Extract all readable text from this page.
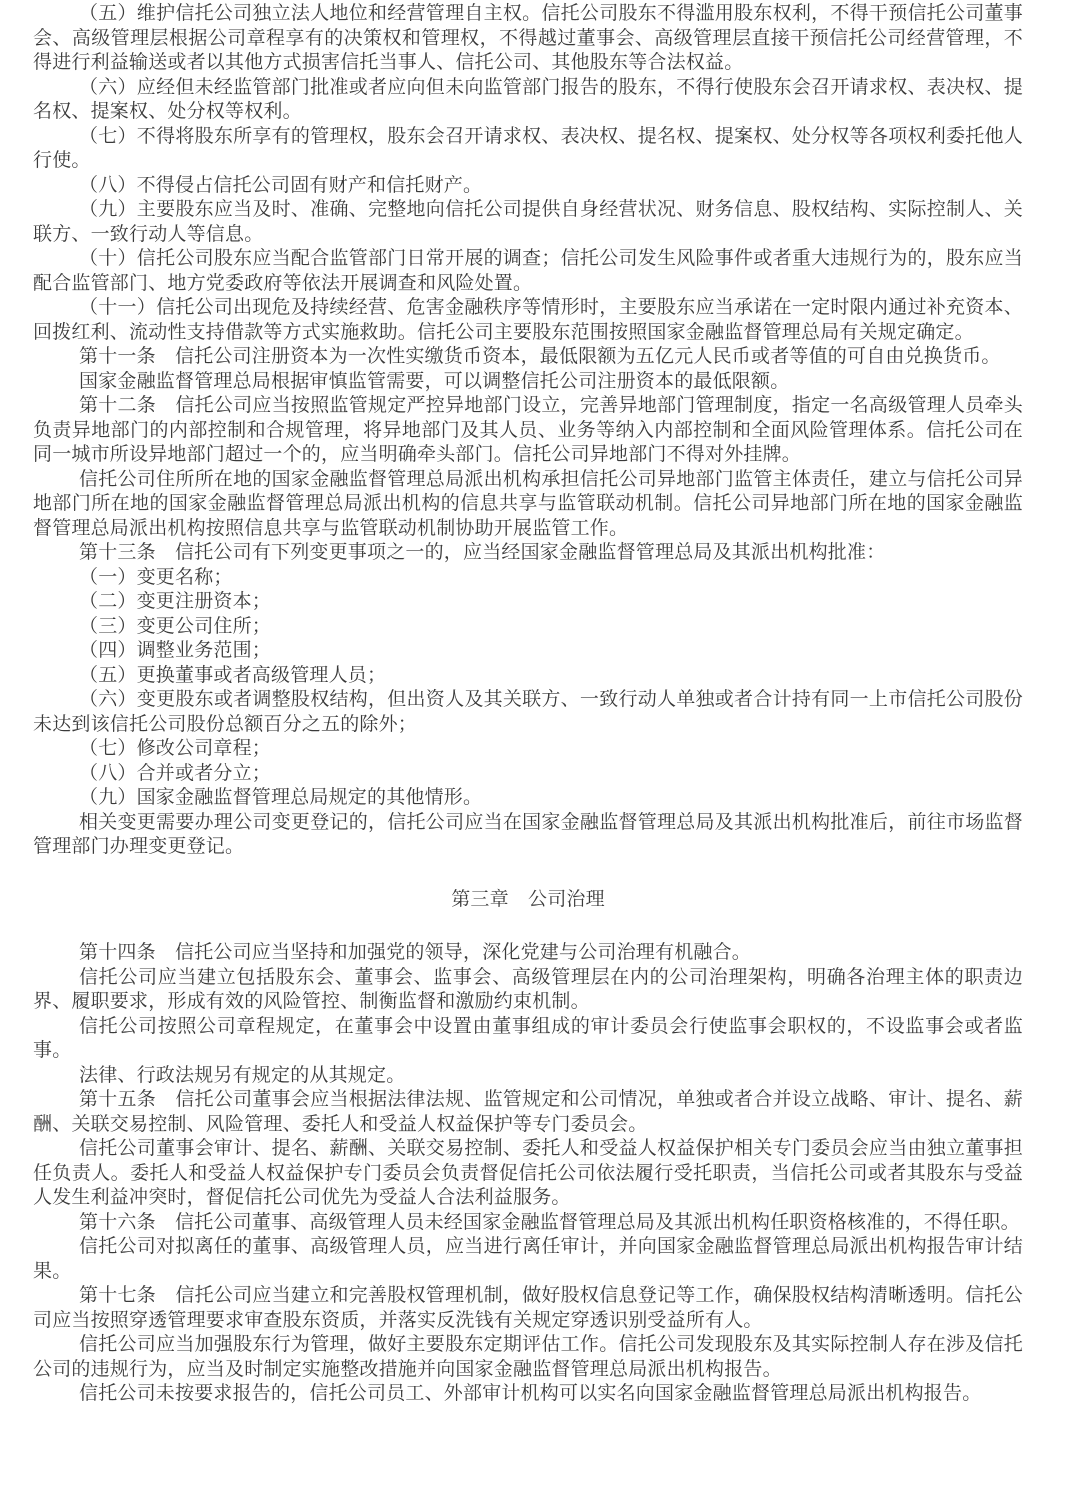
（五）维护信托公司独立法人地位和经营管理自主权。信托公司股东不得滥用股东权利，不得干预信托公司董事会、高级管理层根据公司章程享有的决策权和管理权，不得越过董事会、高级管理层直接干预信托公司经营管理，不得进行利益输送或者以其他方式损害信托当事人、信托公司、其他股东等合法权益。

（六）应经但未经监管部门批准或者应向但未向监管部门报告的股东，不得行使股东会召开请求权、表决权、提名权、提案权、处分权等权利。

（七）不得将股东所享有的管理权，股东会召开请求权、表决权、提名权、提案权、处分权等各项权利委托他人行使。

（八）不得侵占信托公司固有财产和信托财产。

（九）主要股东应当及时、准确、完整地向信托公司提供自身经营状况、财务信息、股权结构、实际控制人、关联方、一致行动人等信息。

（十）信托公司股东应当配合监管部门日常开展的调查；信托公司发生风险事件或者重大违规行为的，股东应当配合监管部门、地方党委政府等依法开展调查和风险处置。

（十一）信托公司出现危及持续经营、危害金融秩序等情形时，主要股东应当承诺在一定时限内通过补充资本、回拨红利、流动性支持借款等方式实施救助。信托公司主要股东范围按照国家金融监督管理总局有关规定确定。

第十一条　信托公司注册资本为一次性实缴货币资本，最低限额为五亿元人民币或者等值的可自由兑换货币。

国家金融监督管理总局根据审慎监管需要，可以调整信托公司注册资本的最低限额。

第十二条　信托公司应当按照监管规定严控异地部门设立，完善异地部门管理制度，指定一名高级管理人员牵头负责异地部门的内部控制和合规管理，将异地部门及其人员、业务等纳入内部控制和全面风险管理体系。信托公司在同一城市所设异地部门超过一个的，应当明确牵头部门。信托公司异地部门不得对外挂牌。

信托公司住所所在地的国家金融监督管理总局派出机构承担信托公司异地部门监管主体责任，建立与信托公司异地部门所在地的国家金融监督管理总局派出机构的信息共享与监管联动机制。信托公司异地部门所在地的国家金融监督管理总局派出机构按照信息共享与监管联动机制协助开展监管工作。

第十三条　信托公司有下列变更事项之一的，应当经国家金融监督管理总局及其派出机构批准：

（一）变更名称；

（二）变更注册资本；

（三）变更公司住所；

（四）调整业务范围；

（五）更换董事或者高级管理人员；

（六）变更股东或者调整股权结构，但出资人及其关联方、一致行动人单独或者合计持有同一上市信托公司股份未达到该信托公司股份总额百分之五的除外；

（七）修改公司章程；

（八）合并或者分立；

（九）国家金融监督管理总局规定的其他情形。

相关变更需要办理公司变更登记的，信托公司应当在国家金融监督管理总局及其派出机构批准后，前往市场监督管理部门办理变更登记。

第三章　公司治理

第十四条　信托公司应当坚持和加强党的领导，深化党建与公司治理有机融合。

信托公司应当建立包括股东会、董事会、监事会、高级管理层在内的公司治理架构，明确各治理主体的职责边界、履职要求，形成有效的风险管控、制衡监督和激励约束机制。

信托公司按照公司章程规定，在董事会中设置由董事组成的审计委员会行使监事会职权的，不设监事会或者监事。

法律、行政法规另有规定的从其规定。

第十五条　信托公司董事会应当根据法律法规、监管规定和公司情况，单独或者合并设立战略、审计、提名、薪酬、关联交易控制、风险管理、委托人和受益人权益保护等专门委员会。

信托公司董事会审计、提名、薪酬、关联交易控制、委托人和受益人权益保护相关专门委员会应当由独立董事担任负责人。委托人和受益人权益保护专门委员会负责督促信托公司依法履行受托职责，当信托公司或者其股东与受益人发生利益冲突时，督促信托公司优先为受益人合法利益服务。

第十六条　信托公司董事、高级管理人员未经国家金融监督管理总局及其派出机构任职资格核准的，不得任职。

信托公司对拟离任的董事、高级管理人员，应当进行离任审计，并向国家金融监督管理总局派出机构报告审计结果。

第十七条　信托公司应当建立和完善股权管理机制，做好股权信息登记等工作，确保股权结构清晰透明。信托公司应当按照穿透管理要求审查股东资质，并落实反洗钱有关规定穿透识别受益所有人。

信托公司应当加强股东行为管理，做好主要股东定期评估工作。信托公司发现股东及其实际控制人存在涉及信托公司的违规行为，应当及时制定实施整改措施并向国家金融监督管理总局派出机构报告。

信托公司未按要求报告的，信托公司员工、外部审计机构可以实名向国家金融监督管理总局派出机构报告。
